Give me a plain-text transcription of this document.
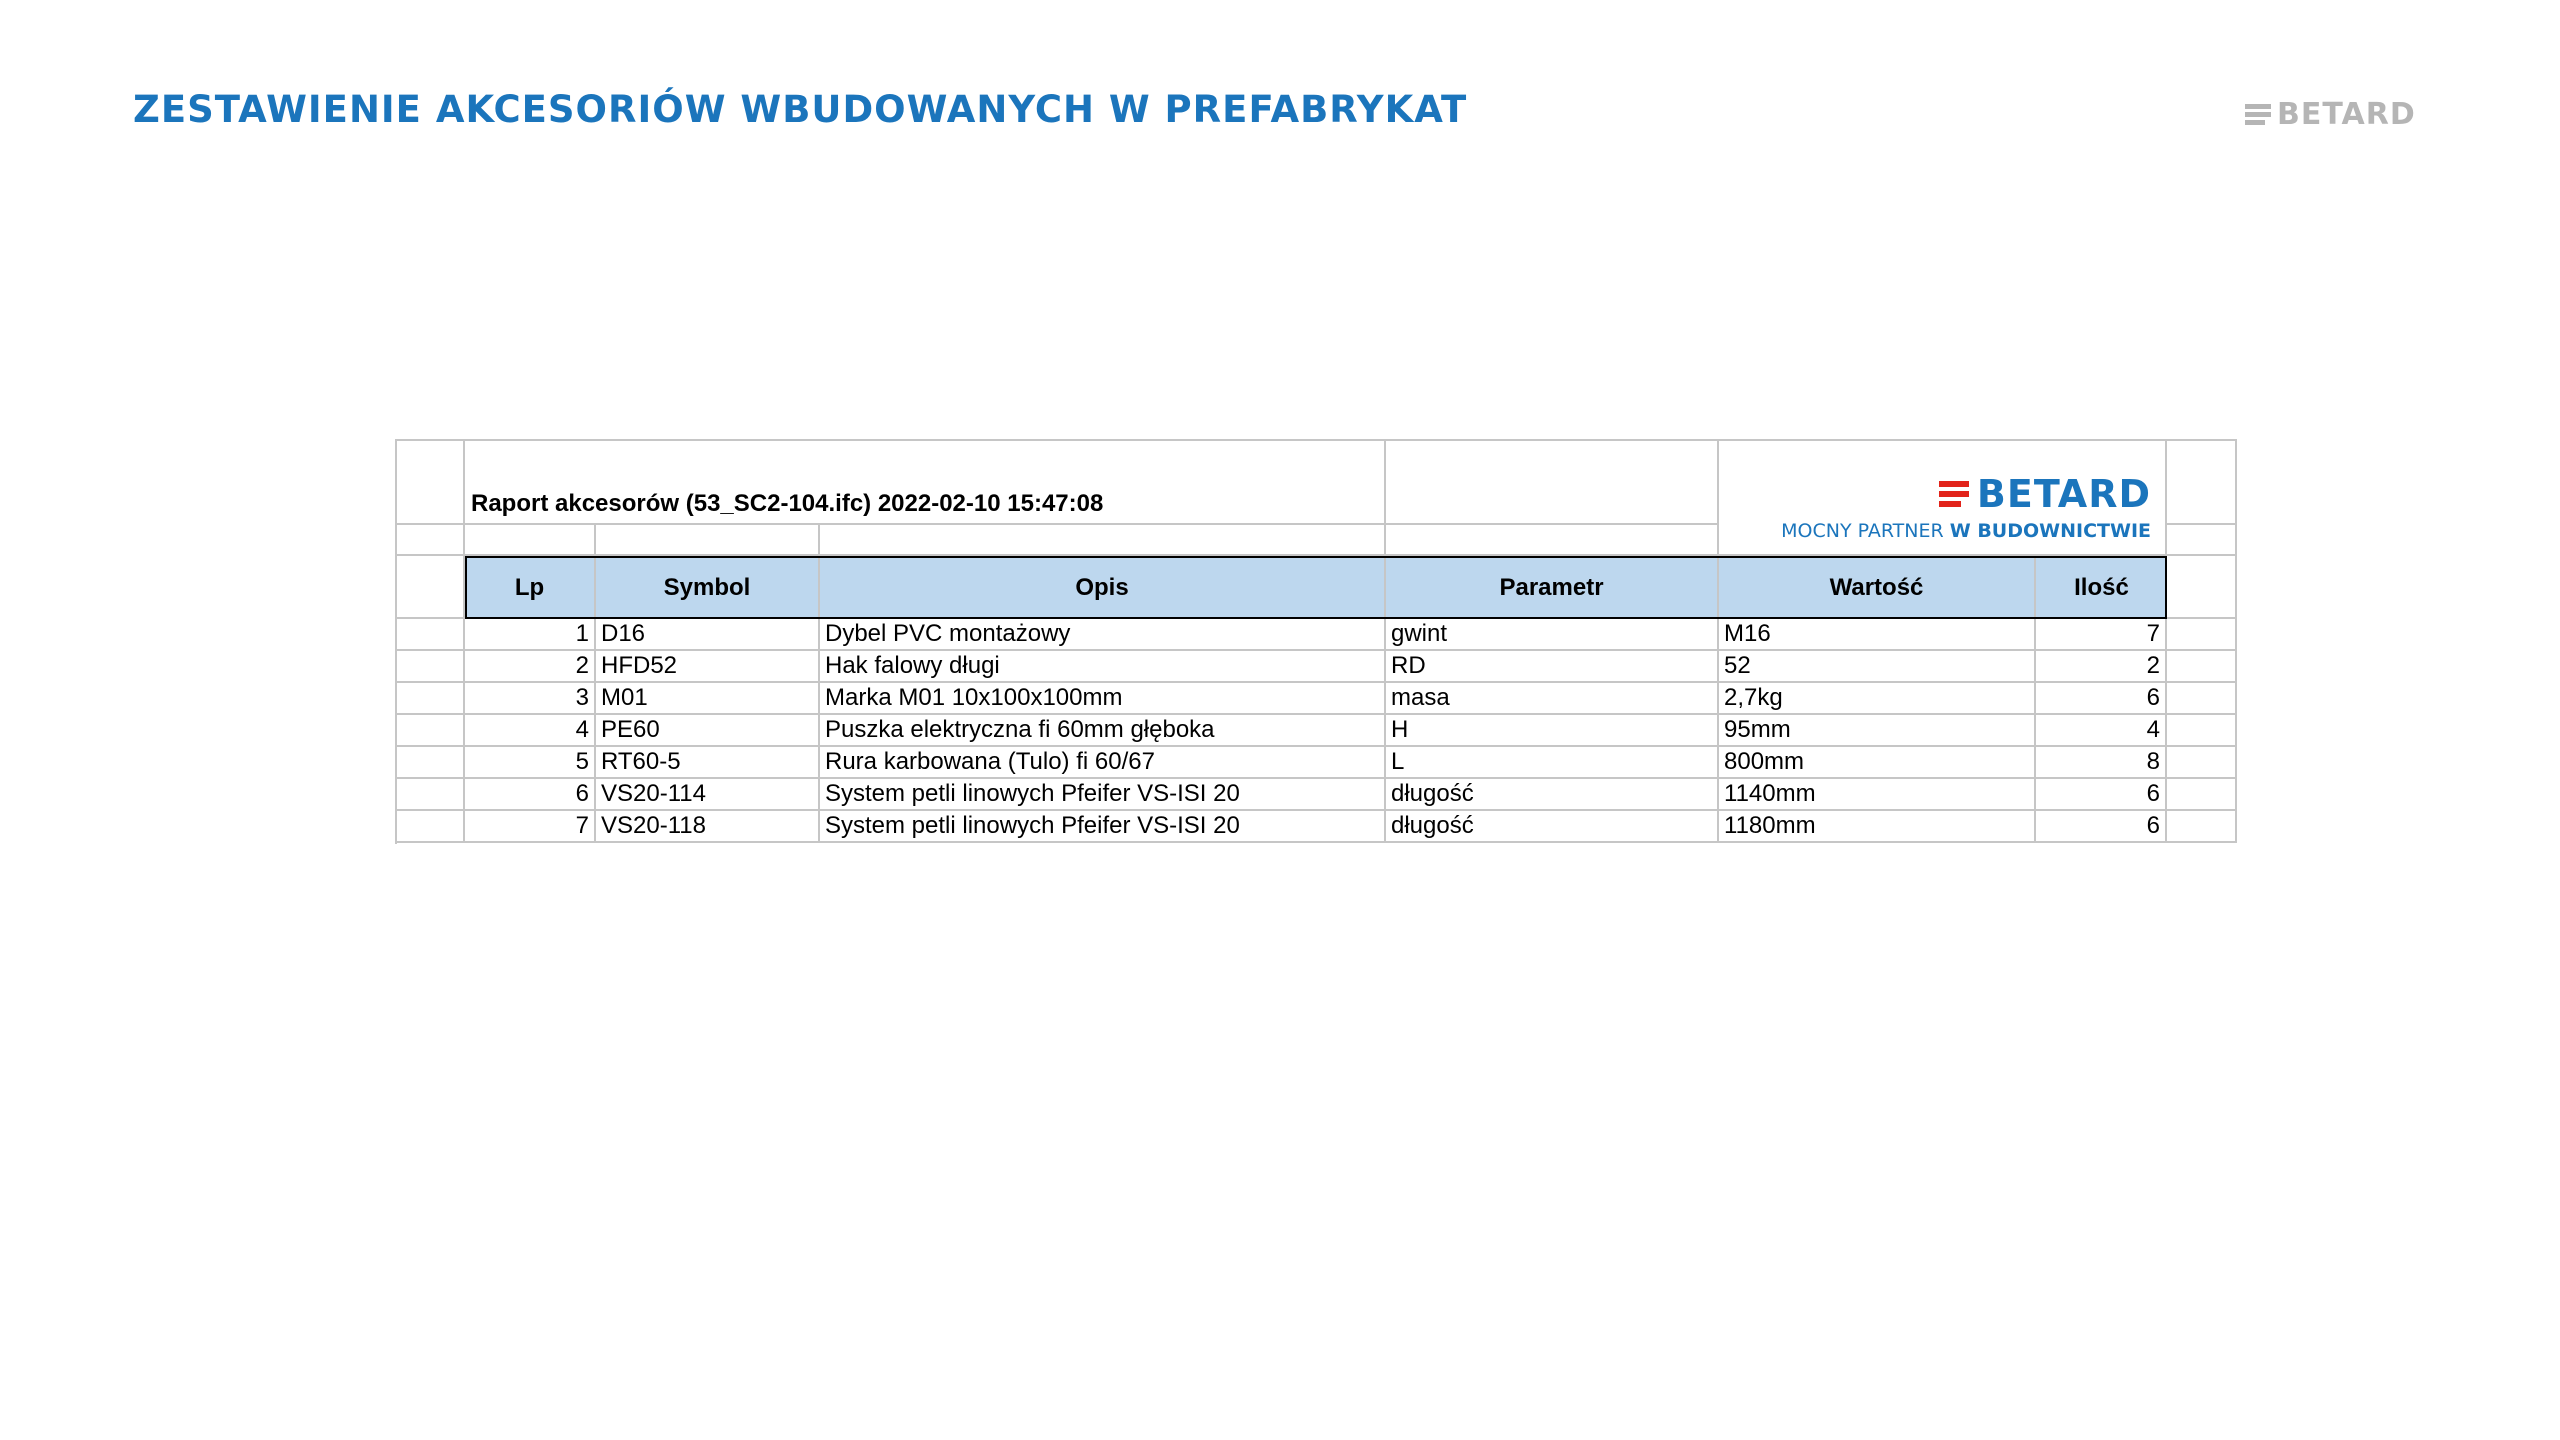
ZESTAWIENIE AKCESORIÓW WBUDOWANYCH W PREFABRYKAT	BETARD
Lp	Symbol	Opis	Parametr	Wartość	Ilość
1 D16	Dybel PVC montażowy	gwint	M16	7
2 HFD52	Hak falowy długi	RD	52	2
3 M01	Marka M01 10x100x100mm	masa	2,7kg	6
4 PE60	Puszka elektryczna fi 60mm głęboka	H	95mm	4
5 RT60-5	Rura karbowana (Tulo) fi 60/67	L	800mm	8
6 VS20-114	System petli linowych Pfeifer VS-ISI 20	długość	1140mm	6
7 VS20-118	System petli linowych Pfeifer VS-ISI 20	długość	1180mm	6
Raport akcesorów (53_SC2-104.ifc) 2022-02-10 15:47:08	BETARD
MOCNY PARTNER W BUDOWNICTWIE
